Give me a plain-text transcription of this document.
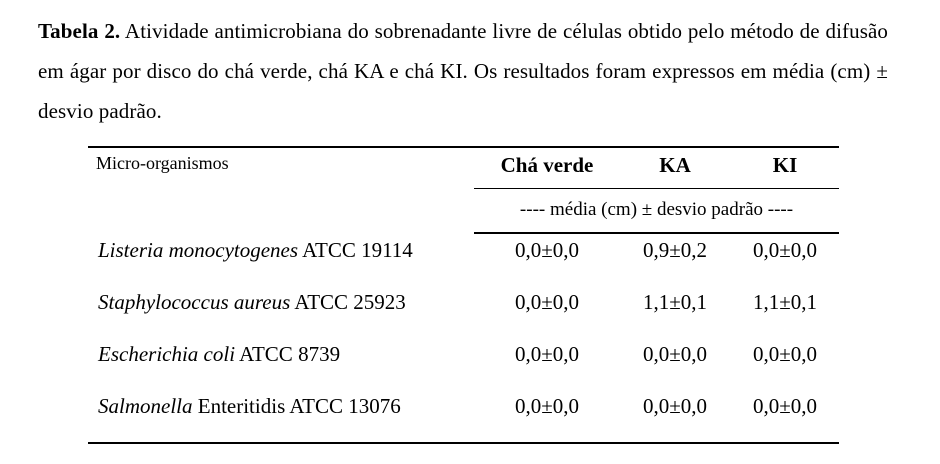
Tabela 2. Atividade antimicrobiana do sobrenadante livre de células obtido pelo método de difusão em ágar por disco do chá verde, chá KA e chá KI. Os resultados foram expressos em média (cm) ± desvio padrão.
Micro-organismos	Chá verde	KA	KI
---- média (cm) ± desvio padrão ----
Listeria monocytogenes ATCC 19114	0,0±0,0	0,9±0,2	0,0±0,0
Staphylococcus aureus ATCC 25923	0,0±0,0	1,1±0,1	1,1±0,1
Escherichia coli ATCC 8739	0,0±0,0	0,0±0,0	0,0±0,0
Salmonella Enteritidis ATCC 13076	0,0±0,0	0,0±0,0	0,0±0,0
